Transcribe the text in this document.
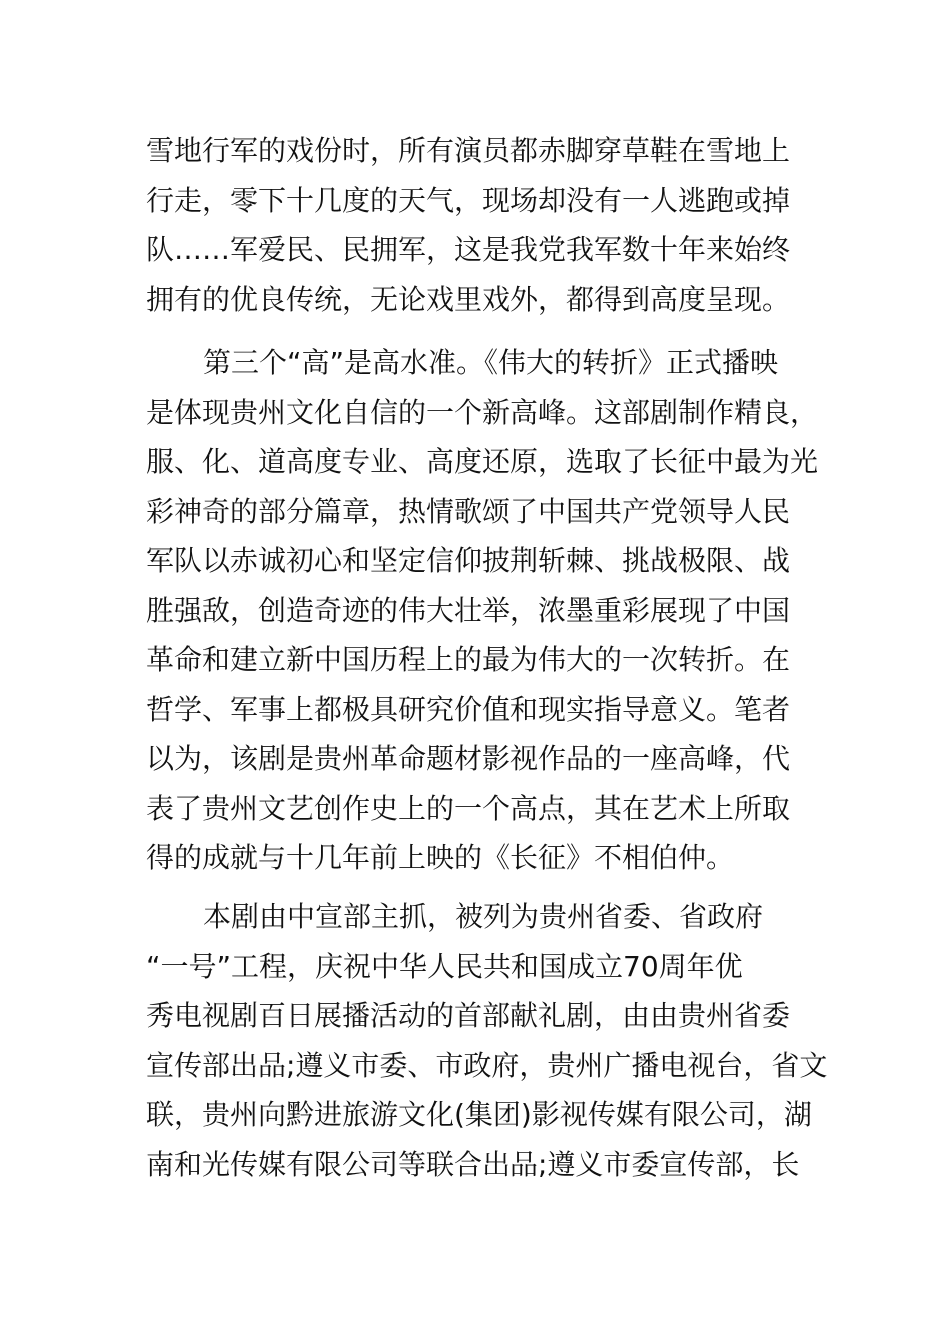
雪地行军的戏份时，所有演员都赤脚穿草鞋在雪地上
行走，零下十几度的天气，现场却没有一人逃跑或掉
队……军爱民、民拥军，这是我党我军数十年来始终
拥有的优良传统，无论戏里戏外，都得到高度呈现。
第三个“高”是高水准。《伟大的转折》正式播映
是体现贵州文化自信的一个新高峰。这部剧制作精良，
服、化、道高度专业、高度还原，选取了长征中最为光
彩神奇的部分篇章，热情歌颂了中国共产党领导人民
军队以赤诚初心和坚定信仰披荆斩棘、挑战极限、战
胜强敌，创造奇迹的伟大壮举，浓墨重彩展现了中国
革命和建立新中国历程上的最为伟大的一次转折。在
哲学、军事上都极具研究价值和现实指导意义。笔者
以为，该剧是贵州革命题材影视作品的一座高峰，代
表了贵州文艺创作史上的一个高点，其在艺术上所取
得的成就与十几年前上映的《长征》不相伯仲。
本剧由中宣部主抓，被列为贵州省委、省政府
“一号”工程，庆祝中华人民共和国成立70周年优
秀电视剧百日展播活动的首部献礼剧，由由贵州省委
宣传部出品;遵义市委、市政府，贵州广播电视台，省文
联，贵州向黔进旅游文化(集团)影视传媒有限公司，湖
南和光传媒有限公司等联合出品;遵义市委宣传部，长
